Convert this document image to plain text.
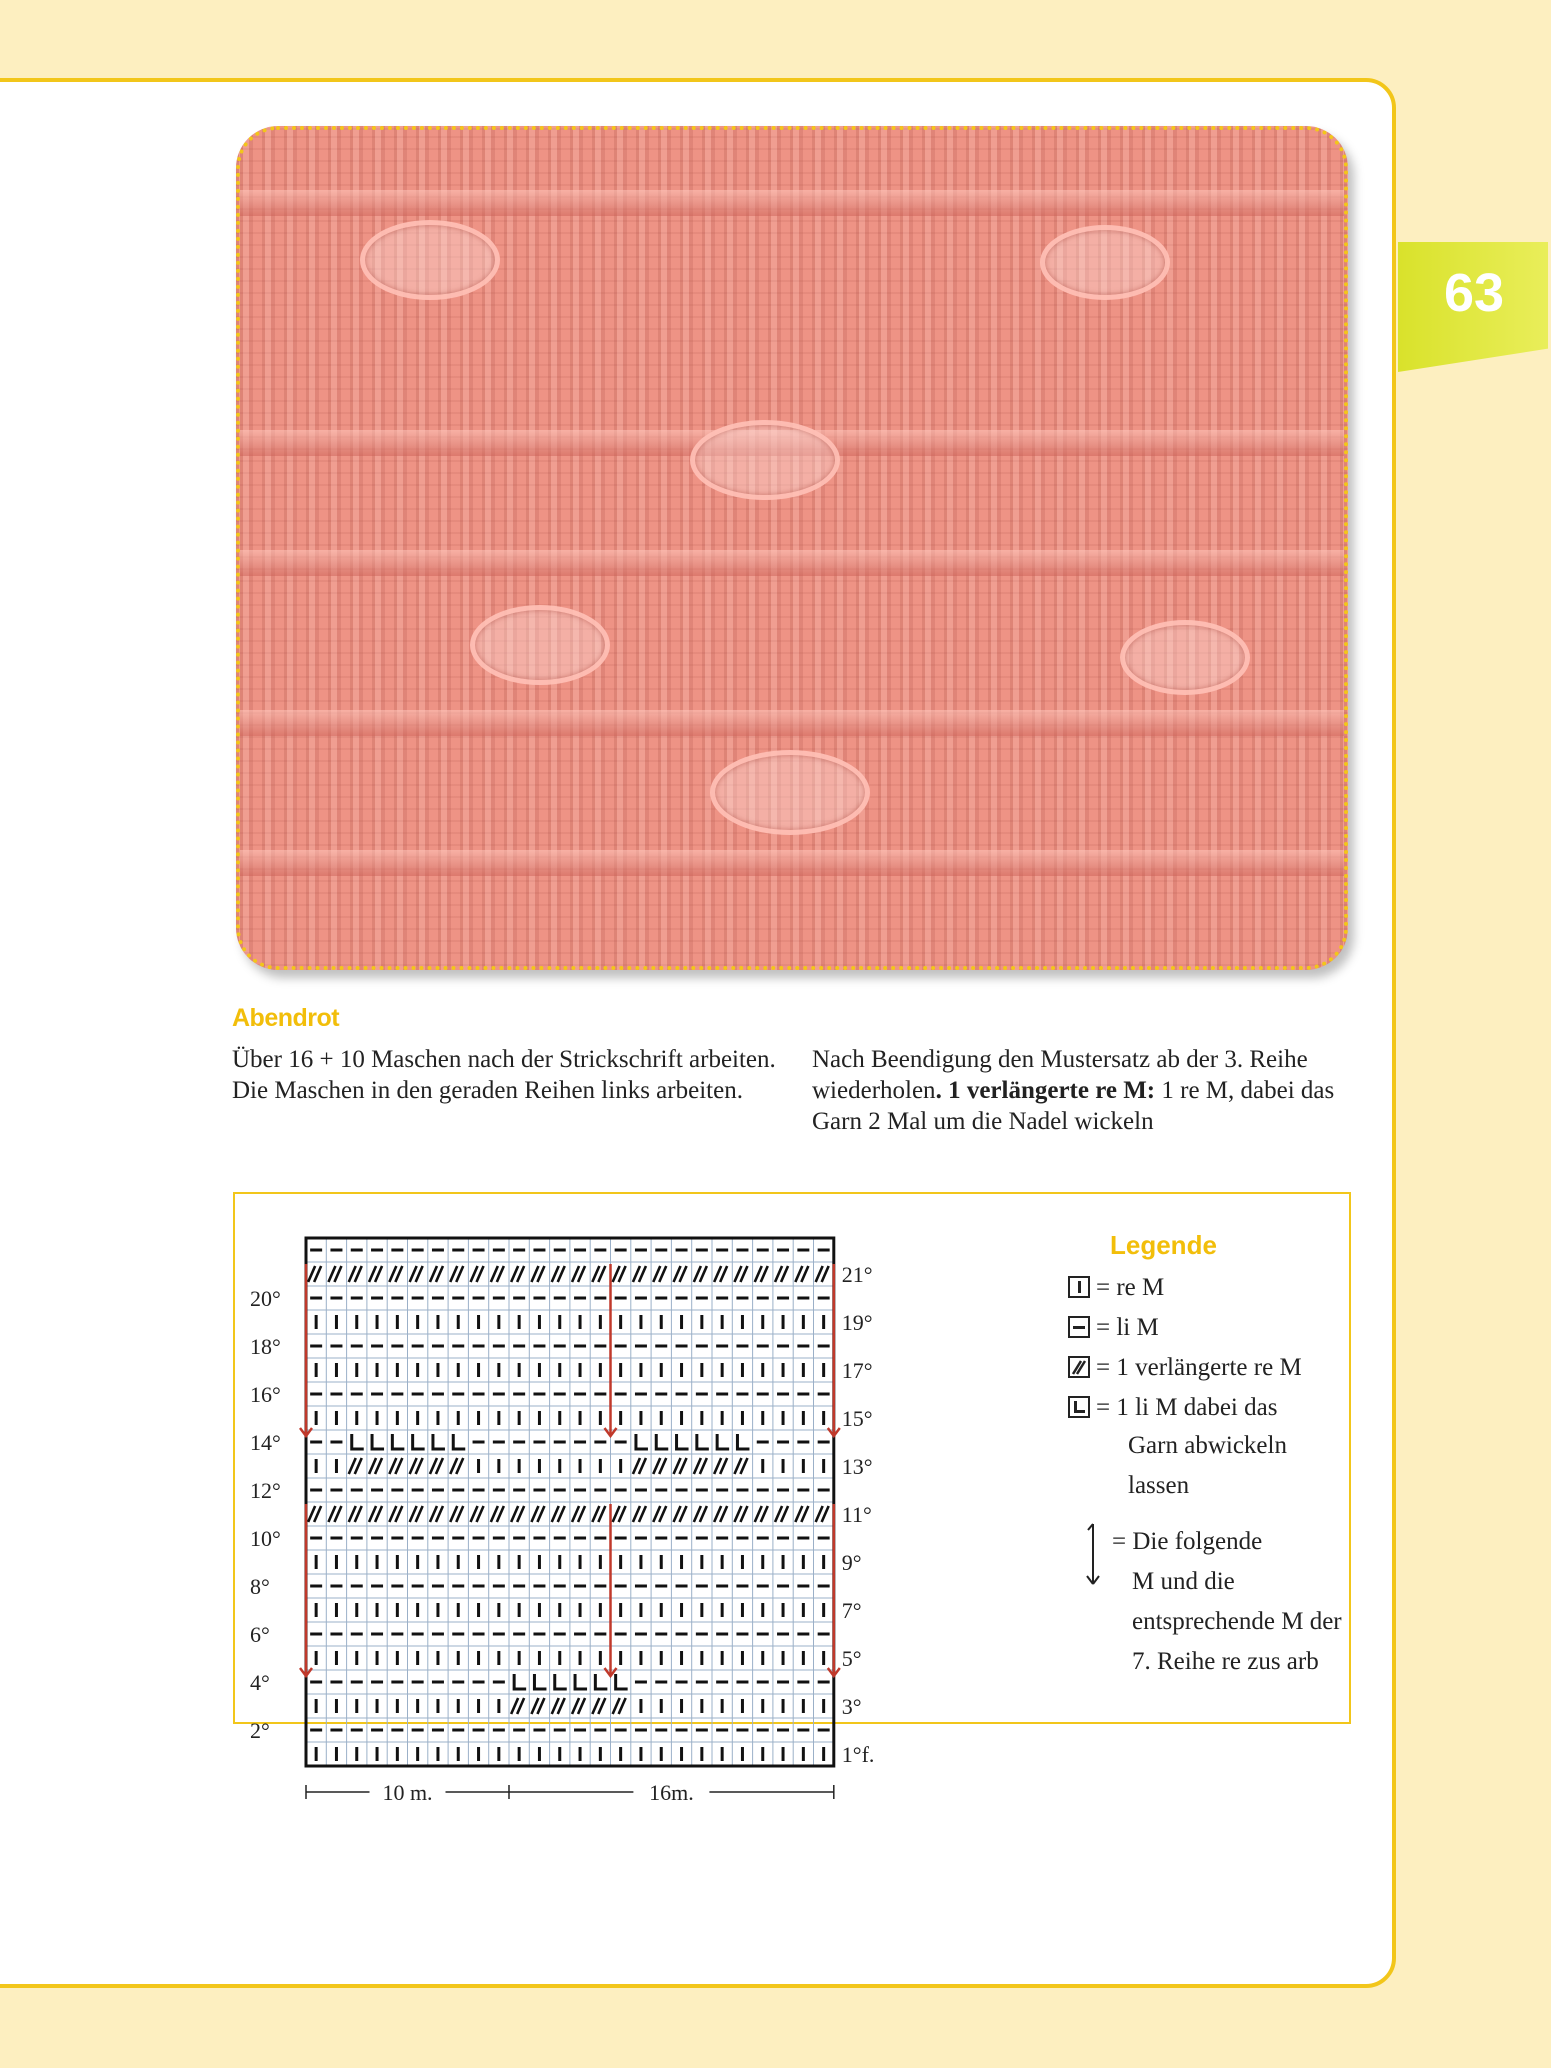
63
Abendrot
Über 16 + 10 Maschen nach der Strickschrift arbeiten. Die Maschen in den geraden Reihen links arbeiten.
Nach Beendigung den Mustersatz ab der 3. Reihe wiederholen. 1 verlängerte re M: 1 re M, dabei das Garn 2 Mal um die Nadel wickeln
20°
18°
16°
14°
12°
10°
8°
6°
4°
2°
21°
19°
17°
15°
13°
11°
9°
7°
5°
3°
1°f.
10 m.	16m.
Legende
= re M
= li M
= 1 verlängerte re M
= 1 li M dabei das
Garn abwickeln
lassen
= Die folgende
M und die
entsprechende M der
7. Reihe re zus arb
